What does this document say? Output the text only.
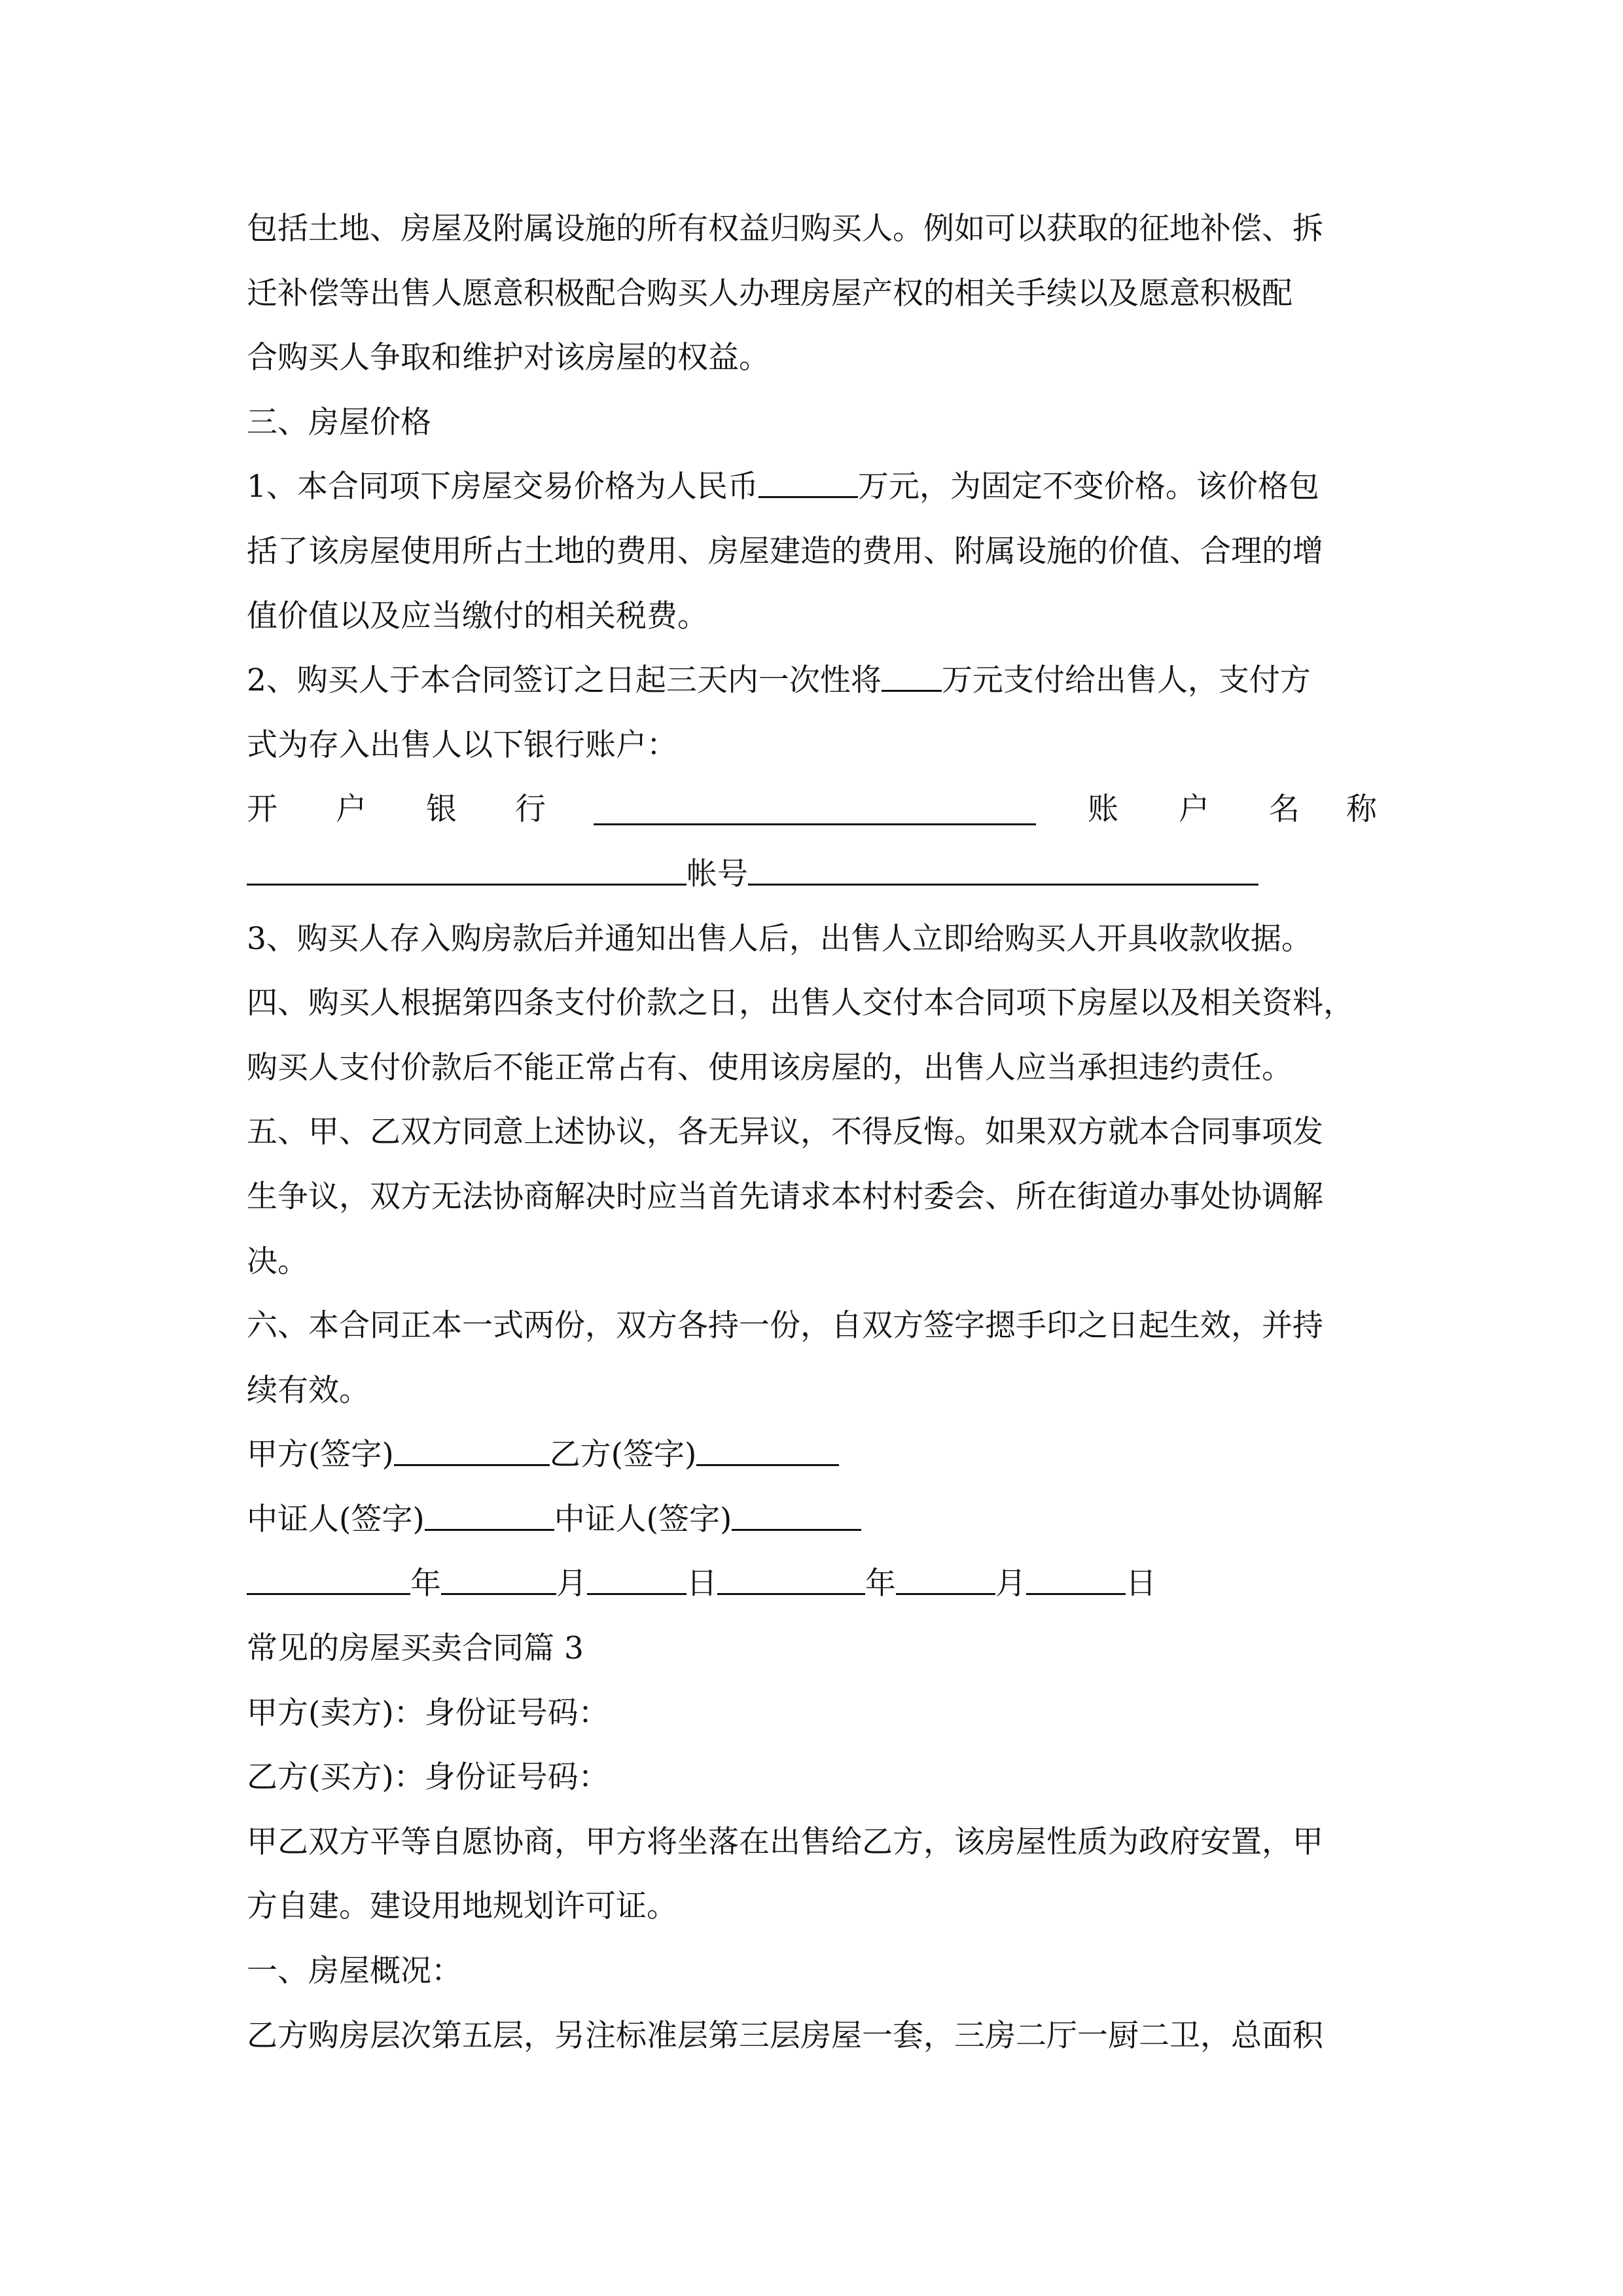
包括土地、房屋及附属设施的所有权益归购买人。例如可以获取的征地补偿、拆
迁补偿等出售人愿意积极配合购买人办理房屋产权的相关手续以及愿意积极配
合购买人争取和维护对该房屋的权益。
三、房屋价格
1、本合同项下房屋交易价格为人民币	万元，为固定不变价格。该价格包
括了该房屋使用所占土地的费用、房屋建造的费用、附属设施的价值、合理的增
值价值以及应当缴付的相关税费。
2、购买人于本合同签订之日起三天内一次性将 万元支付给出售人，支付方
式为存入出售人以下银行账户：
开 户 银 行	账 户 名 称
帐号
3、购买人存入购房款后并通知出售人后，出售人立即给购买人开具收款收据。
四、购买人根据第四条支付价款之日，出售人交付本合同项下房屋以及相关资料，
购买人支付价款后不能正常占有、使用该房屋的，出售人应当承担违约责任。
五、甲、乙双方同意上述协议，各无异议，不得反悔。如果双方就本合同事项发
生争议，双方无法协商解决时应当首先请求本村村委会、所在街道办事处协调解
决。
六、本合同正本一式两份，双方各持一份，自双方签字摁手印之日起生效，并持
续有效。
甲方(签字)	乙方(签字)
中证人(签字)	中证人(签字)
年	月	日	年	月	日
常见的房屋买卖合同篇 3
甲方(卖方)：身份证号码：
乙方(买方)：身份证号码：
甲乙双方平等自愿协商，甲方将坐落在出售给乙方，该房屋性质为政府安置，甲
方自建。建设用地规划许可证。
一、房屋概况：
乙方购房层次第五层，另注标准层第三层房屋一套，三房二厅一厨二卫，总面积
